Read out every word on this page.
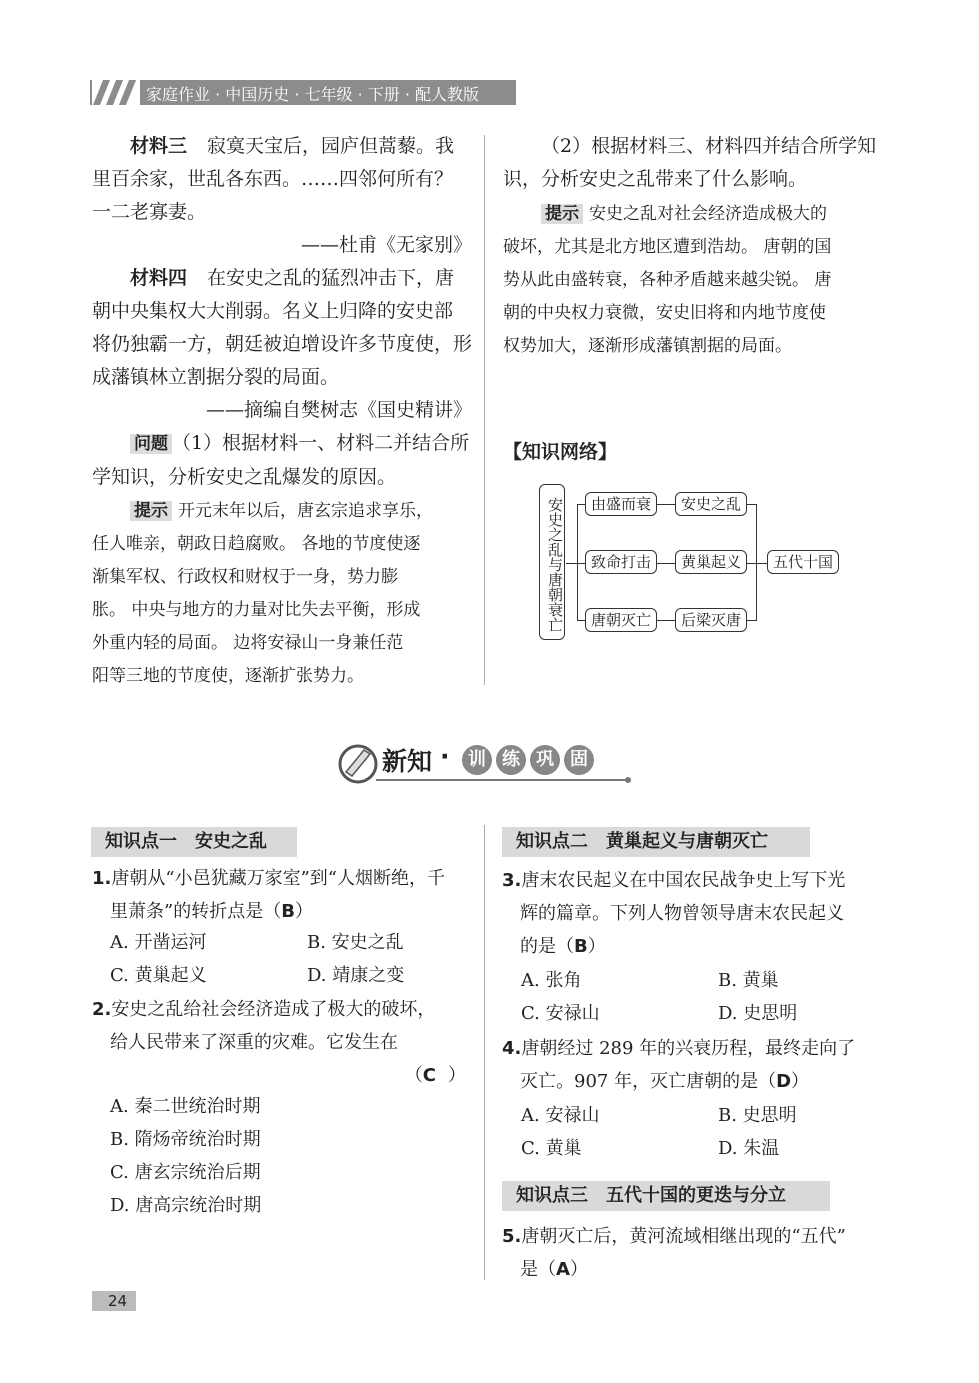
家庭作业 · 中国历史 · 七年级 · 下册 · 配人教版
材料三 寂寞天宝后，园庐但蒿藜。我
里百余家，世乱各东西。……四邻何所有？
一二老寡妻。
——杜甫《无家别》
材料四 在安史之乱的猛烈冲击下，唐
朝中央集权大大削弱。名义上归降的安史部
将仍独霸一方，朝廷被迫增设许多节度使，形
成藩镇林立割据分裂的局面。
——摘编自樊树志《国史精讲》
问题 （1）根据材料一、材料二并结合所
学知识，分析安史之乱爆发的原因。
提示 开元末年以后，唐玄宗追求享乐，
任人唯亲，朝政日趋腐败。 各地的节度使逐
渐集军权、行政权和财权于一身，势力膨
胀。 中央与地方的力量对比失去平衡，形成
外重内轻的局面。 边将安禄山一身兼任范
阳等三地的节度使，逐渐扩张势力。
（2）根据材料三、材料四并结合所学知
识，分析安史之乱带来了什么影响。
提示 安史之乱对社会经济造成极大的
破坏，尤其是北方地区遭到浩劫。 唐朝的国
势从此由盛转衰，各种矛盾越来越尖锐。 唐
朝的中央权力衰微，安史旧将和内地节度使
权势加大，逐渐形成藩镇割据的局面。
【知识网络】
安史之乱与唐朝衰亡	由盛而衰
致命打击
唐朝灭亡
安史之乱
黄巢起义
后梁灭唐
五代十国
新知 ·	训 练 巩 固
知识点一　安史之乱	知识点二　黄巢起义与唐朝灭亡
知识点三　五代十国的更迭与分立
1.唐朝从“小邑犹藏万家室”到“人烟断绝，千
里萧条”的转折点是（B）
A. 开凿运河	B. 安史之乱
C. 黄巢起义	D. 靖康之变
2.安史之乱给社会经济造成了极大的破坏，
给人民带来了深重的灾难。它发生在
（C ）
A. 秦二世统治时期
B. 隋炀帝统治时期
C. 唐玄宗统治后期
D. 唐高宗统治时期
3.唐末农民起义在中国农民战争史上写下光
辉的篇章。下列人物曾领导唐末农民起义
的是（B）
A. 张角	B. 黄巢
C. 安禄山	D. 史思明
4.唐朝经过 289 年的兴衰历程，最终走向了
灭亡。907 年，灭亡唐朝的是（D）
A. 安禄山	B. 史思明
C. 黄巢	D. 朱温
5.唐朝灭亡后，黄河流域相继出现的“五代”
是（A）
24
